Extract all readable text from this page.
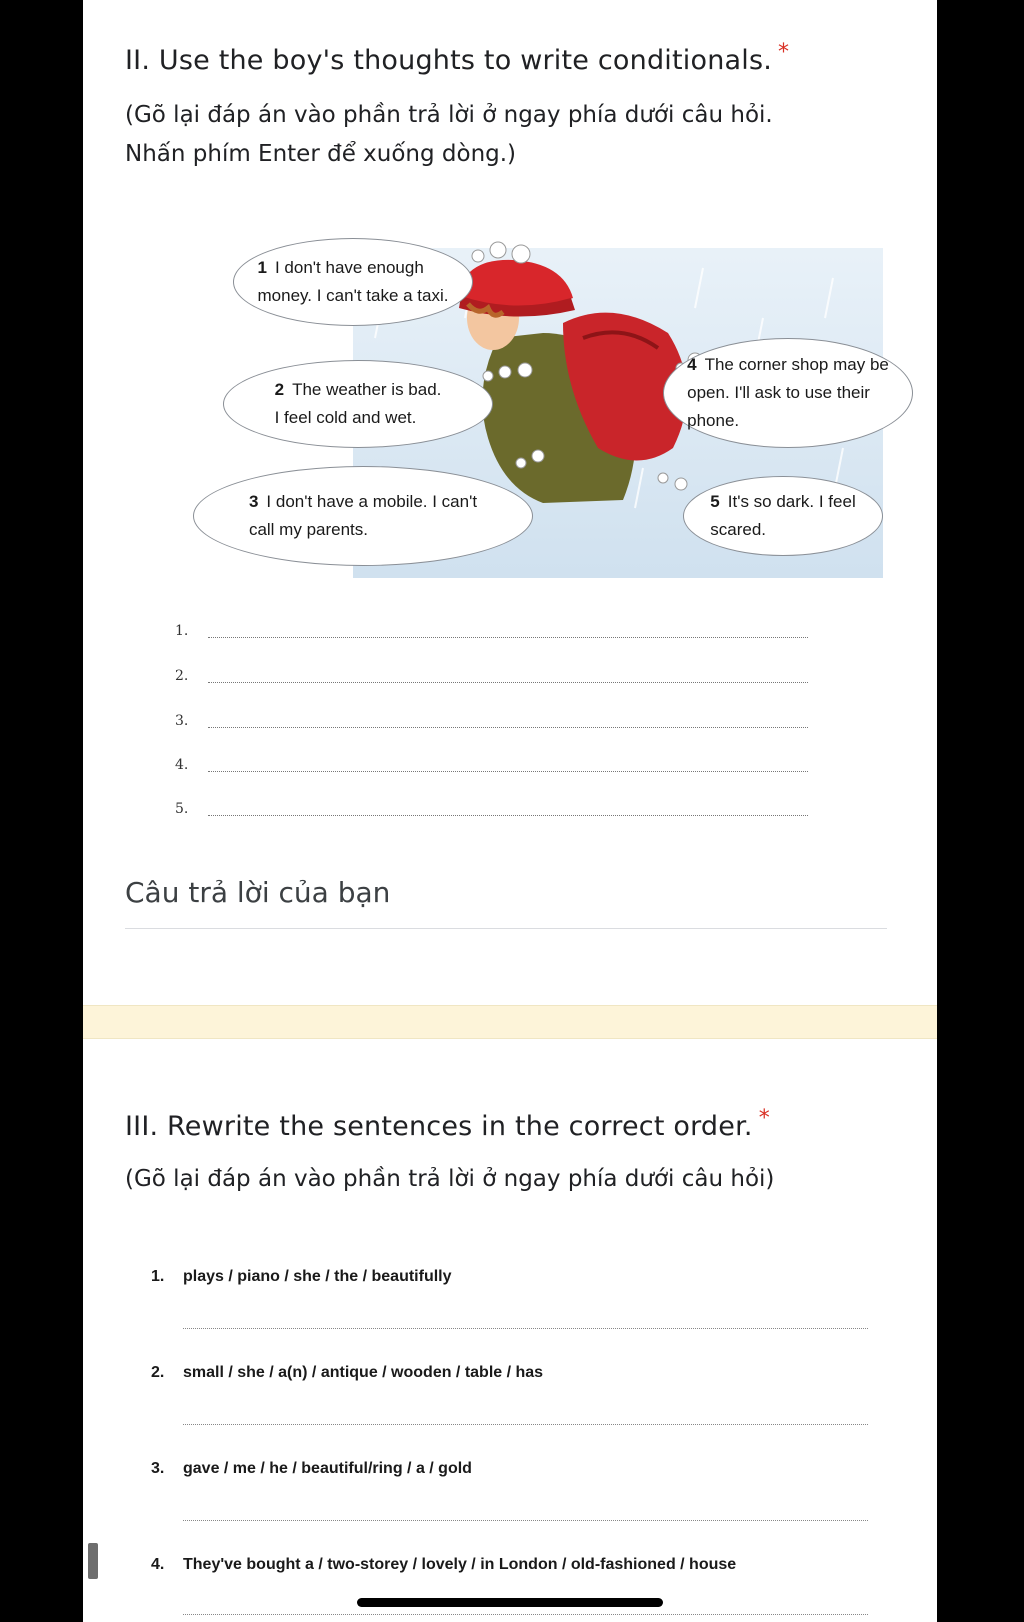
II. Use the boy's thoughts to write conditionals. *
(Gõ lại đáp án vào phần trả lời ở ngay phía dưới câu hỏi.
Nhấn phím Enter để xuống dòng.)
1 I don't have enough
money. I can't take a taxi.
2 The weather is bad.
I feel cold and wet.
3 I don't have a mobile. I can't
call my parents.
4 The corner shop may be
open. I'll ask to use their
phone.
5 It's so dark. I feel
scared.
1.
2.
3.
4.
5.
Câu trả lời của bạn
III. Rewrite the sentences in the correct order. *
(Gõ lại đáp án vào phần trả lời ở ngay phía dưới câu hỏi)
1. plays / piano / she / the / beautifully
2. small / she / a(n) / antique / wooden / table / has
3. gave / me / he / beautiful/ring / a / gold
4. They've bought a / two-storey / lovely / in London / old-fashioned / house
